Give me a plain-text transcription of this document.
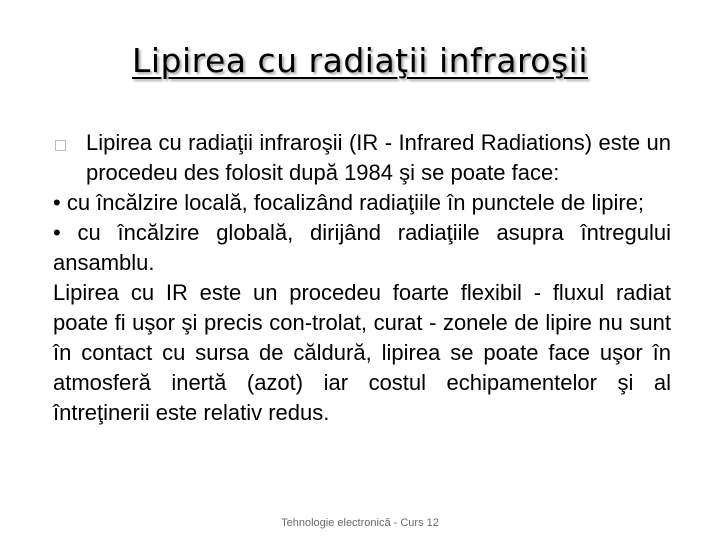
Lipirea cu radiaţii infraroşii

Lipirea cu radiaţii infraroşii (IR - Infrared Radiations) este un procedeu des folosit după 1984 şi se poate face:

• cu încălzire locală, focalizând radiaţiile în punctele de lipire;

• cu încălzire globală, dirijând radiaţiile asupra întregului ansamblu.

Lipirea cu IR este un procedeu foarte flexibil - fluxul radiat poate fi uşor şi precis con-trolat, curat - zonele de lipire nu sunt în contact cu sursa de căldură, lipirea se poate face uşor în atmosferă inertă (azot) iar costul echipamentelor şi al întreţinerii este relativ redus.

Tehnologie electronică - Curs 12
